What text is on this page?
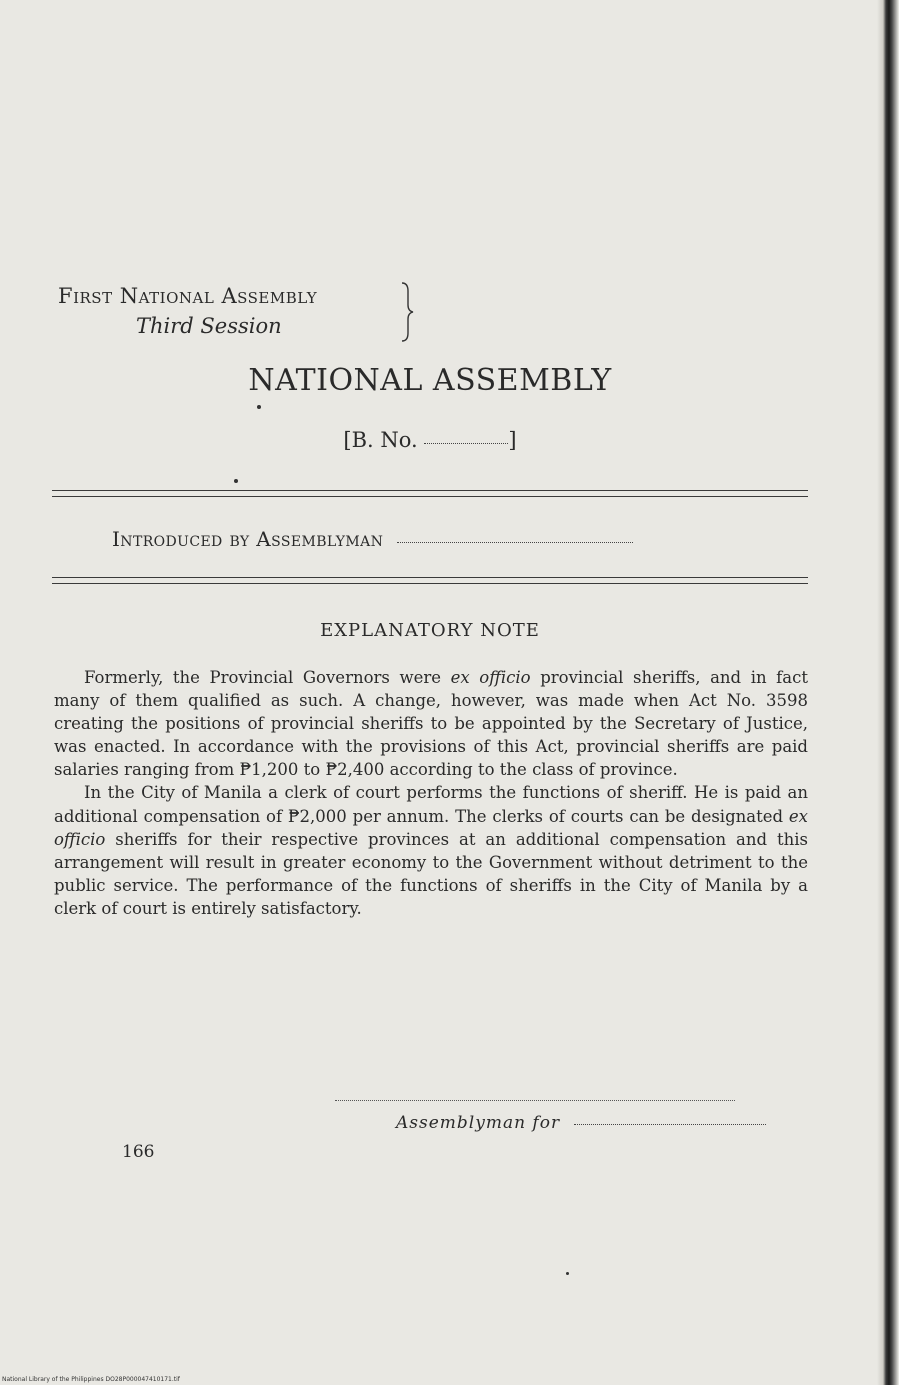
First National Assembly
Third Session
NATIONAL ASSEMBLY
[B. No.	]
Introduced by Assemblyman
EXPLANATORY NOTE

Formerly, the Provincial Governors were ex officio provincial sheriffs, and in fact many of them qualified as such. A change, however, was made when Act No. 3598 creating the positions of provincial sheriffs to be appointed by the Secretary of Justice, was enacted. In accordance with the provisions of this Act, provincial sheriffs are paid salaries ranging from ₱1,200 to ₱2,400 according to the class of province.

In the City of Manila a clerk of court performs the functions of sheriff. He is paid an additional compensation of ₱2,000 per annum. The clerks of courts can be designated ex officio sheriffs for their respective provinces at an additional compensation and this arrangement will result in greater economy to the Government without detriment to the public service. The performance of the functions of sheriffs in the City of Manila by a clerk of court is entirely satisfactory.

Assemblyman for
166
National Library of the Philippines DO28P000047410171.tif
